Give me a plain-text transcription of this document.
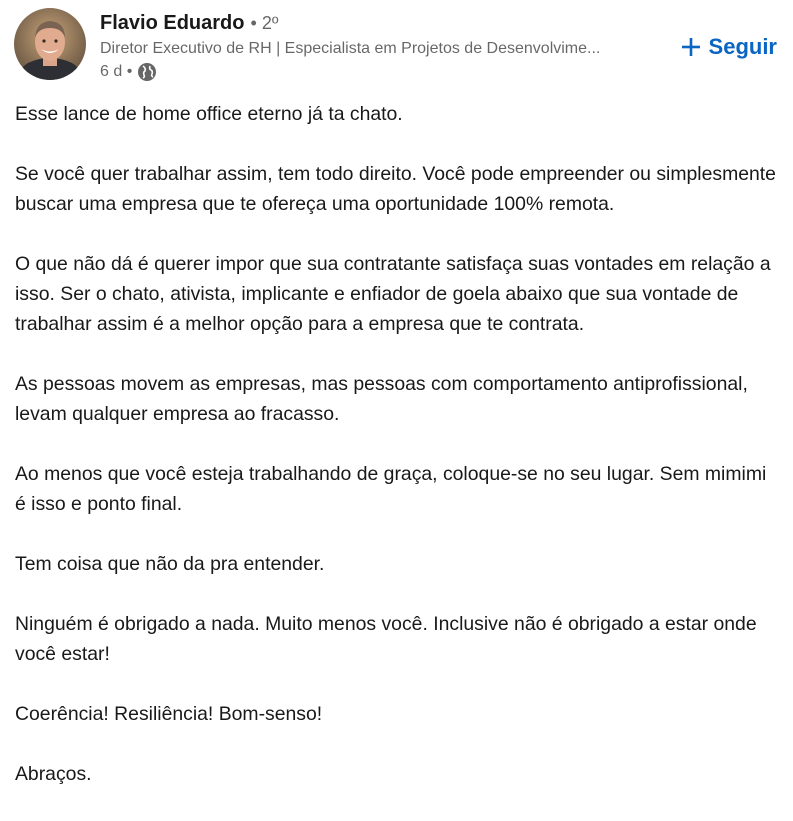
Flavio Eduardo • 2º
Diretor Executivo de RH | Especialista em Projetos de Desenvolvime...
6 d •
Seguir

Esse lance de home office eterno já ta chato.

Se você quer trabalhar assim, tem todo direito. Você pode empreender ou simplesmente buscar uma empresa que te ofereça uma oportunidade 100% remota.

O que não dá é querer impor que sua contratante satisfaça suas vontades em relação a isso. Ser o chato, ativista, implicante e enfiador de goela abaixo que sua vontade de trabalhar assim é a melhor opção para a empresa que te contrata.

As pessoas movem as empresas, mas pessoas com comportamento antiprofissional, levam qualquer empresa ao fracasso.

Ao menos que você esteja trabalhando de graça, coloque-se no seu lugar. Sem mimimi é isso e ponto final.

Tem coisa que não da pra entender.

Ninguém é obrigado a nada. Muito menos você. Inclusive não é obrigado a estar onde você estar!

Coerência! Resiliência! Bom-senso!

Abraços.
